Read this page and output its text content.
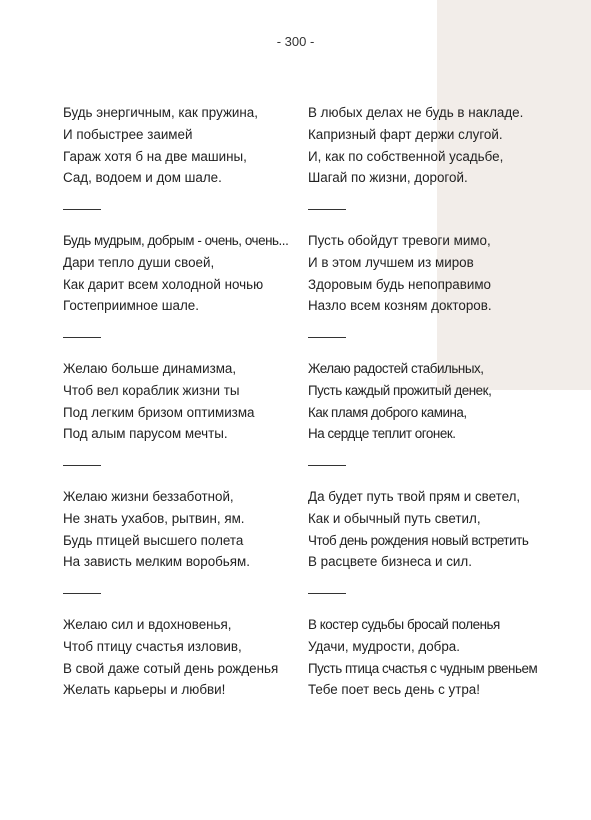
- 300 -
Будь энергичным, как пружина,
И побыстрее заимей
Гараж хотя б на две машины,
Сад, водоем и дом шале.
Будь мудрым, добрым - очень, очень...
Дари тепло души своей,
Как дарит всем холодной ночью
Гостеприимное шале.
Желаю больше динамизма,
Чтоб вел кораблик жизни ты
Под легким бризом оптимизма
Под алым парусом мечты.
Желаю жизни беззаботной,
Не знать ухабов, рытвин, ям.
Будь птицей высшего полета
На зависть мелким воробьям.
Желаю сил и вдохновенья,
Чтоб птицу счастья изловив,
В свой даже сотый день рожденья
Желать карьеры и любви!
В любых делах не будь в накладе.
Капризный фарт держи слугой.
И, как по собственной усадьбе,
Шагай по жизни, дорогой.
Пусть обойдут тревоги мимо,
И в этом лучшем из миров
Здоровым будь непоправимо
Назло всем козням докторов.
Желаю радостей стабильных,
Пусть каждый прожитый денек,
Как пламя доброго камина,
На сердце теплит огонек.
Да будет путь твой прям и светел,
Как и обычный путь светил,
Чтоб день рождения новый встретить
В расцвете бизнеса и сил.
В костер судьбы бросай поленья
Удачи, мудрости, добра.
Пусть птица счастья с чудным рвеньем
Тебе поет весь день с утра!
